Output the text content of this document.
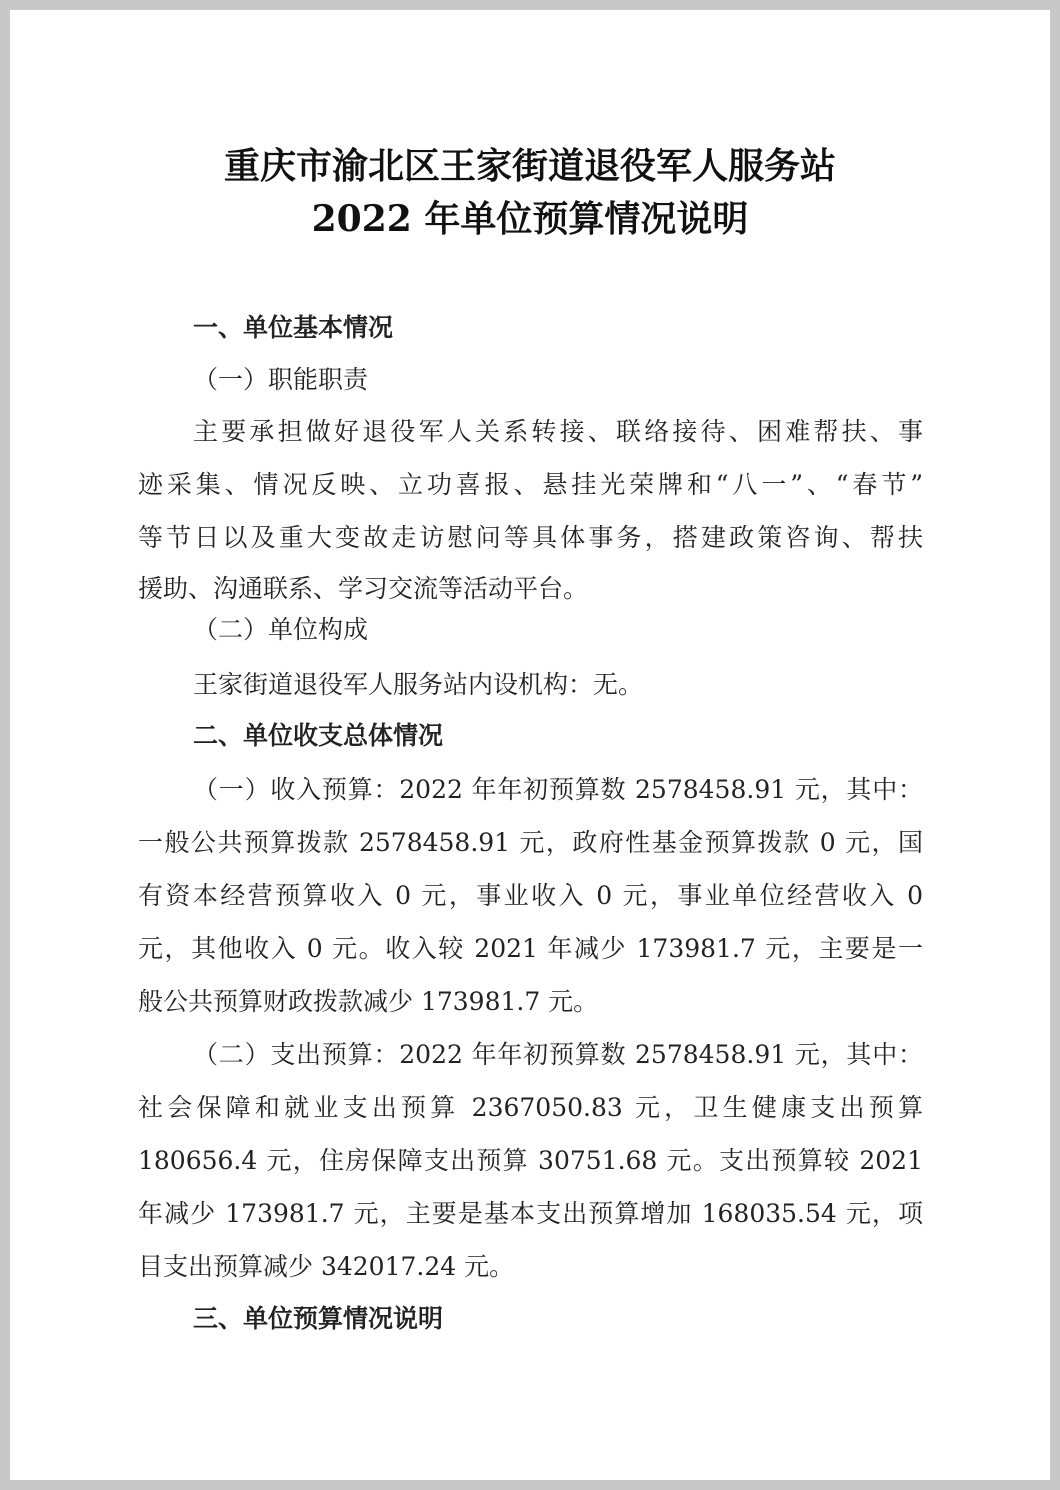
重庆市渝北区王家街道退役军人服务站
2022 年单位预算情况说明
一、单位基本情况
（一）职能职责
主要承担做好退役军人关系转接、联络接待、困难帮扶、事
迹采集、情况反映、立功喜报、悬挂光荣牌和“八一”、“春节”
等节日以及重大变故走访慰问等具体事务，搭建政策咨询、帮扶
援助、沟通联系、学习交流等活动平台。
（二）单位构成
王家街道退役军人服务站内设机构：无。
二、单位收支总体情况
（一）收入预算：2022 年年初预算数 2578458.91 元，其中：
一般公共预算拨款 2578458.91 元，政府性基金预算拨款 0 元，国
有资本经营预算收入 0 元，事业收入 0 元，事业单位经营收入 0
元，其他收入 0 元。收入较 2021 年减少 173981.7 元，主要是一
般公共预算财政拨款减少 173981.7 元。
（二）支出预算：2022 年年初预算数 2578458.91 元，其中：
社会保障和就业支出预算 2367050.83 元，卫生健康支出预算
180656.4 元，住房保障支出预算 30751.68 元。支出预算较 2021
年减少 173981.7 元，主要是基本支出预算增加 168035.54 元，项
目支出预算减少 342017.24 元。
三、单位预算情况说明
